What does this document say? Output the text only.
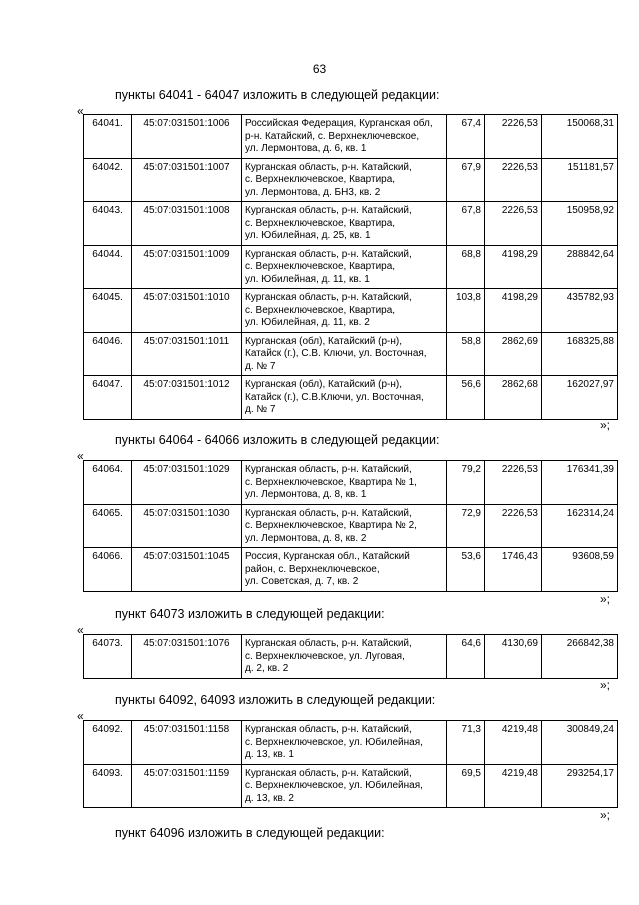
63
пункты 64041 - 64047 изложить в следующей редакции:
«
64041.	45:07:031501:1006	Российская Федерация, Курганская обл,
р-н. Катайский, с. Верхнеключевское,
ул. Лермонтова, д. 6, кв. 1	67,4	2226,53	150068,31
64042.	45:07:031501:1007	Курганская область, р-н. Катайский,
с. Верхнеключевское, Квартира,
ул. Лермонтова, д. БН3, кв. 2	67,9	2226,53	151181,57
64043.	45:07:031501:1008	Курганская область, р-н. Катайский,
с. Верхнеключевское, Квартира,
ул. Юбилейная, д. 25, кв. 1	67,8	2226,53	150958,92
64044.	45:07:031501:1009	Курганская область, р-н. Катайский,
с. Верхнеключевское, Квартира,
ул. Юбилейная, д. 11, кв. 1	68,8	4198,29	288842,64
64045.	45:07:031501:1010	Курганская область, р-н. Катайский,
с. Верхнеключевское, Квартира,
ул. Юбилейная, д. 11, кв. 2	103,8	4198,29	435782,93
64046.	45:07:031501:1011	Курганская (обл), Катайский (р-н),
Катайск (г.), С.В. Ключи, ул. Восточная,
д. № 7	58,8	2862,69	168325,88
64047.	45:07:031501:1012	Курганская (обл), Катайский (р-н),
Катайск (г.), С.В.Ключи, ул. Восточная,
д. № 7	56,6	2862,68	162027,97
»;
пункты 64064 - 64066 изложить в следующей редакции:
«
64064.	45:07:031501:1029	Курганская область, р-н. Катайский,
с. Верхнеключевское, Квартира № 1,
ул. Лермонтова, д. 8, кв. 1	79,2	2226,53	176341,39
64065.	45:07:031501:1030	Курганская область, р-н. Катайский,
с. Верхнеключевское, Квартира № 2,
ул. Лермонтова, д. 8, кв. 2	72,9	2226,53	162314,24
64066.	45:07:031501:1045	Россия, Курганская обл., Катайский
район, с. Верхнеключевское,
ул. Советская, д. 7, кв. 2	53,6	1746,43	93608,59
»;
пункт 64073 изложить в следующей редакции:
«
64073.	45:07:031501:1076	Курганская область, р-н. Катайский,
с. Верхнеключевское, ул. Луговая,
д. 2, кв. 2
	64,6	4130,69	266842,38
»;
пункты 64092, 64093 изложить в следующей редакции:
«
64092.	45:07:031501:1158	Курганская область, р-н. Катайский,
с. Верхнеключевское, ул. Юбилейная,
д. 13, кв. 1	71,3	4219,48	300849,24
64093.	45:07:031501:1159	Курганская область, р-н. Катайский,
с. Верхнеключевское, ул. Юбилейная,
д. 13, кв. 2	69,5	4219,48	293254,17
»;
пункт 64096 изложить в следующей редакции:
